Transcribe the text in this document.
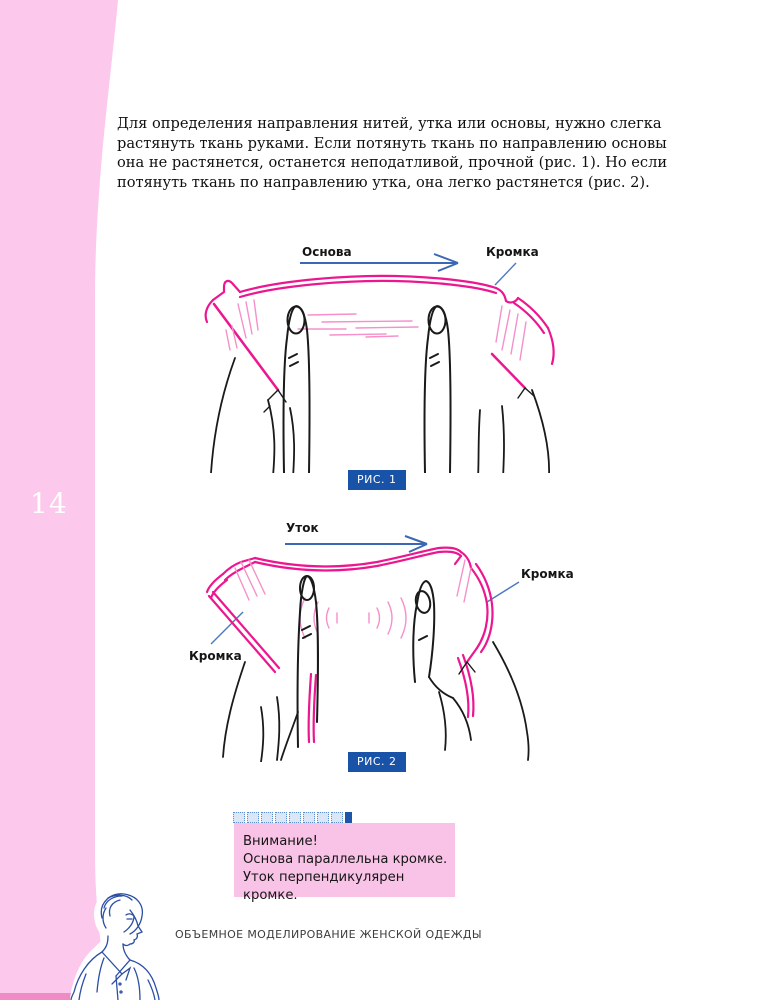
14
Для определения направления нитей, утка или основы, нужно слегка
растянуть ткань руками. Если потянуть ткань по направлению основы
она не растянется, останется неподатливой, прочной (рис. 1). Но если
потянуть ткань по направлению утка, она легко растянется (рис. 2).
Основа	Кромка
РИС. 1
Уток
Кромка
Кромка
РИС. 2
Внимание!
Основа параллельна кромке.
Уток перпендикулярен кромке.
ОБЪЕМНОЕ МОДЕЛИРОВАНИЕ ЖЕНСКОЙ ОДЕЖДЫ
